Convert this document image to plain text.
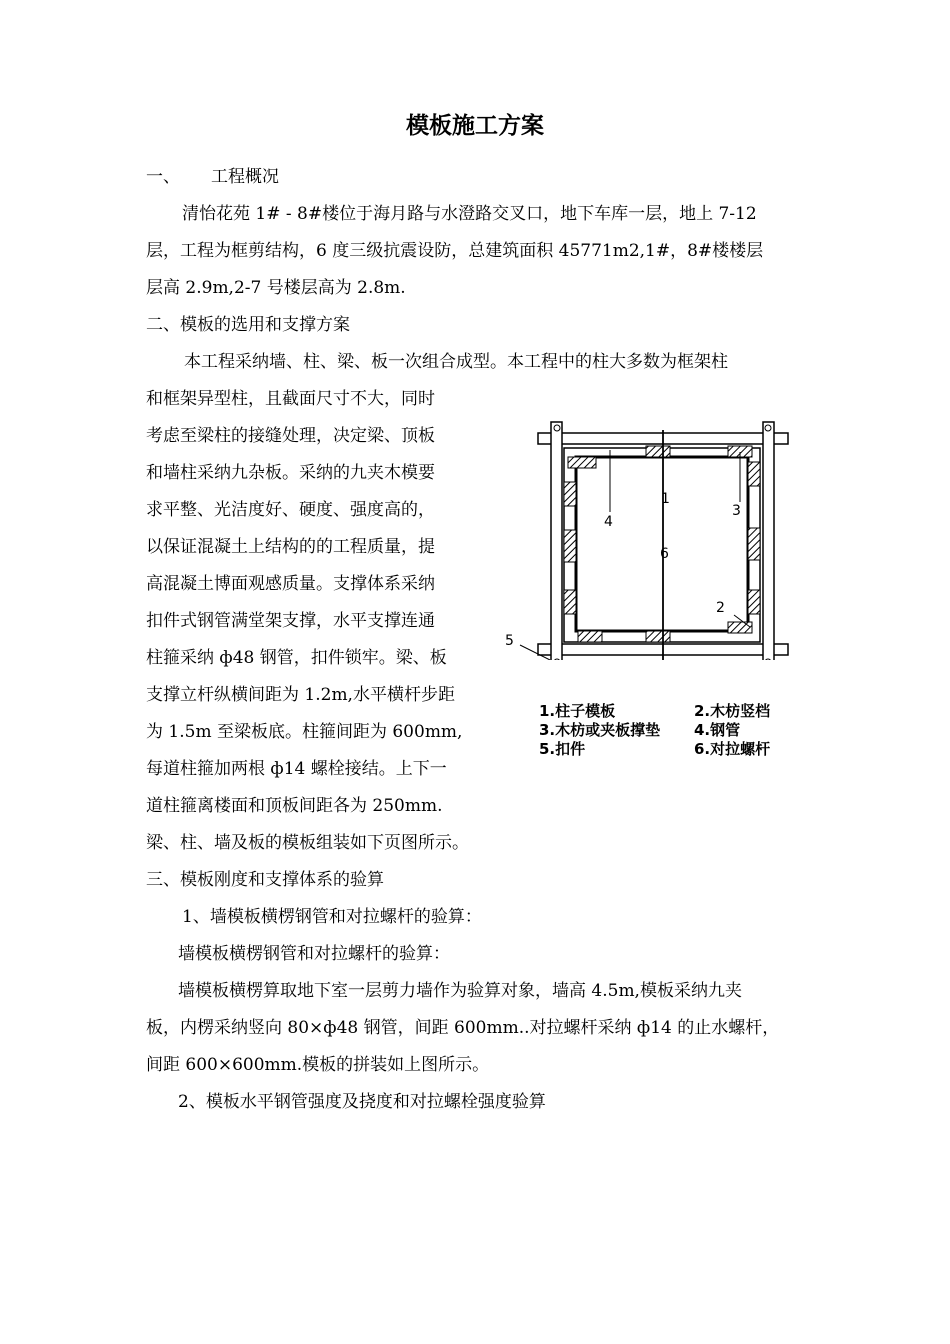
模板施工方案
一、 工程概况
清怡花苑 1# - 8#楼位于海月路与水澄路交叉口，地下车库一层，地上 7-12
层，工程为框剪结构，6 度三级抗震设防，总建筑面积 45771m2,1#，8#楼楼层
层高 2.9m,2-7 号楼层高为 2.8m.
二、模板的选用和支撑方案
本工程采纳墙、柱、梁、板一次组合成型。本工程中的柱大多数为框架柱
和框架异型柱，且截面尺寸不大，同时
考虑至梁柱的接缝处理，决定梁、顶板
和墙柱采纳九杂板。采纳的九夹木模要
求平整、光洁度好、硬度、强度高的，
以保证混凝土上结构的的工程质量，提
高混凝土博面观感质量。支撑体系采纳
扣件式钢管满堂架支撑，水平支撑连通
柱箍采纳 ф48 钢管，扣件锁牢。梁、板
支撑立杆纵横间距为 1.2m,水平横杆步距
为 1.5m 至梁板底。柱箍间距为 600mm,
每道柱箍加两根 ф14 螺栓接结。上下一
道柱箍离楼面和顶板间距各为 250mm.
梁、柱、墙及板的模板组装如下页图所示。
三、模板刚度和支撑体系的验算
1、墙模板横楞钢管和对拉螺杆的验算：
墙模板横楞钢管和对拉螺杆的验算：
墙模板横楞算取地下室一层剪力墙作为验算对象，墙高 4.5m,模板采纳九夹
板，内楞采纳竖向 80×ф48 钢管，间距 600mm..对拉螺杆采纳 ф14 的止水螺杆，
间距 600×600mm.模板的拼装如上图所示。
2、模板水平钢管强度及挠度和对拉螺栓强度验算
1
2
3
4
5
6
1.柱子模板	2.木枋竖档
3.木枋或夹板撑垫 4.钢管
5.扣件	6.对拉螺杆
